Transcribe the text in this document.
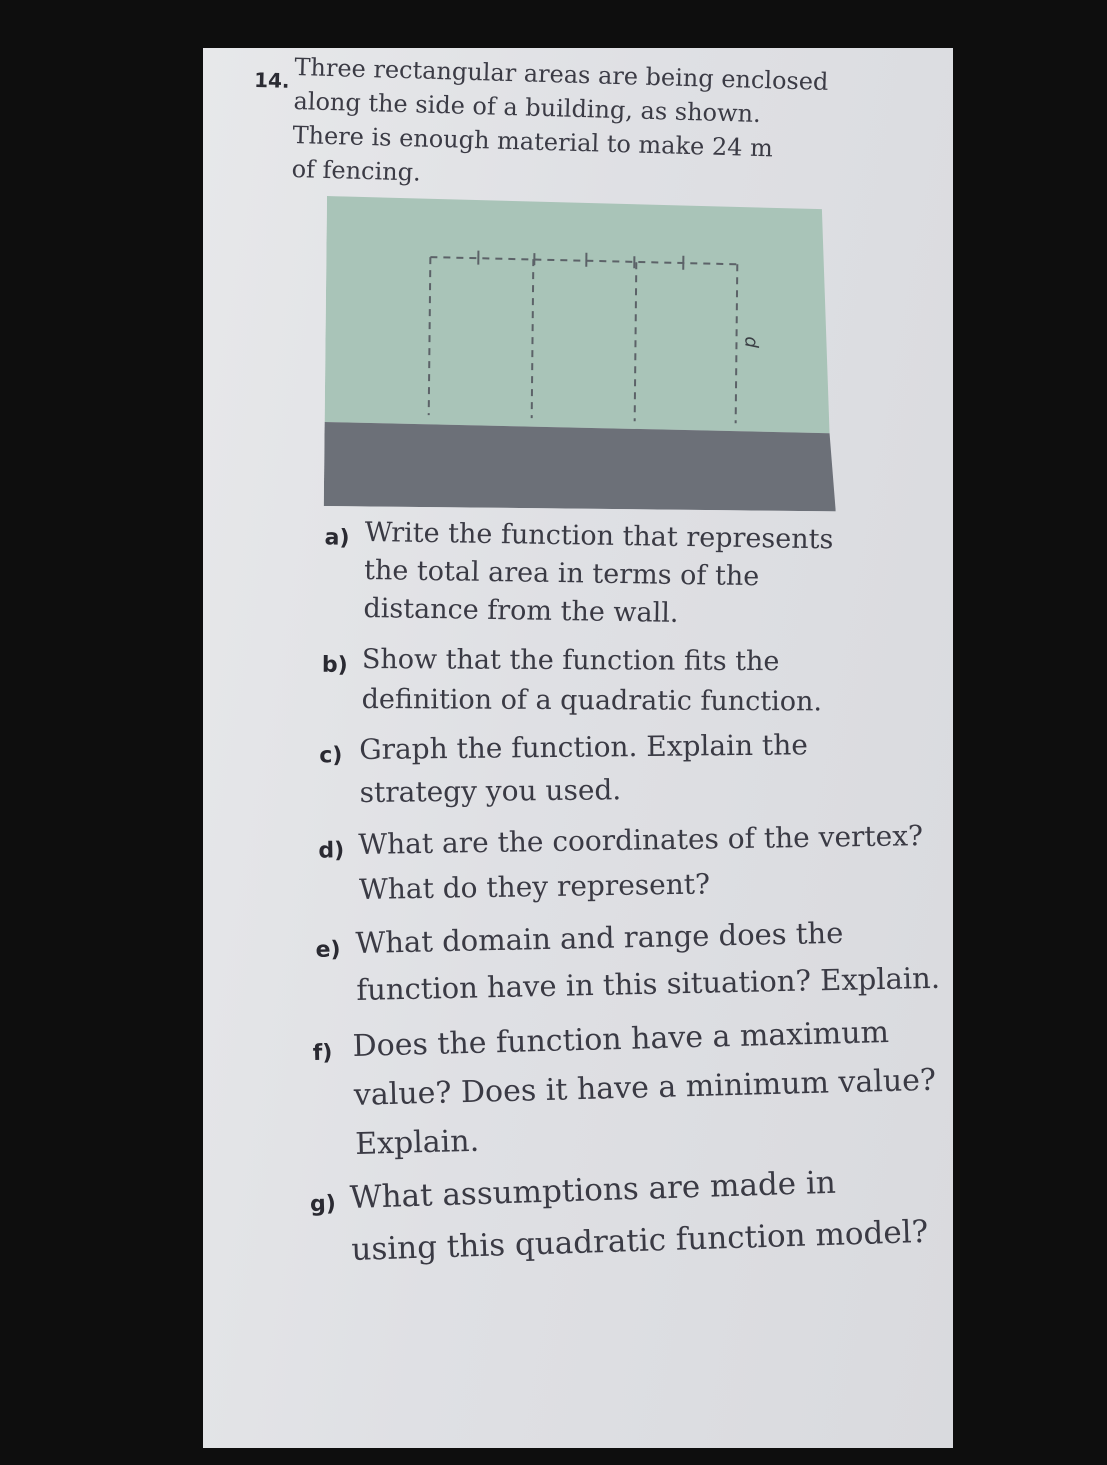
14. Three rectangular areas are being enclosed
along the side of a building, as shown.
There is enough material to make 24 m
of fencing.
d
a) Write the function that represents the total area in terms of the distance from the wall.
b) Show that the function fits the definition of a quadratic function.
c) Graph the function. Explain the strategy you used.
d) What are the coordinates of the vertex? What do they represent?
e) What domain and range does the function have in this situation? Explain.
f) Does the function have a maximum value? Does it have a minimum value? Explain.
g) What assumptions are made in using this quadratic function model?
